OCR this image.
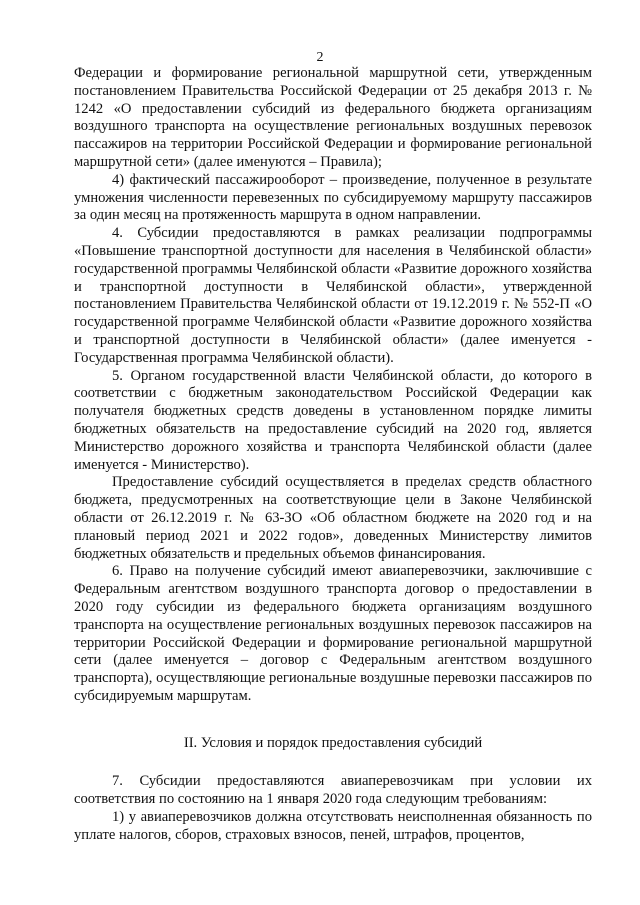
2

Федерации и формирование региональной маршрутной сети, утвержденным постановлением Правительства Российской Федерации от 25 декабря 2013 г. № 1242 «О предоставлении субсидий из федерального бюджета организациям воздушного транспорта на осуществление региональных воздушных перевозок пассажиров на территории Российской Федерации и формирование региональной маршрутной сети» (далее именуются – Правила);

4) фактический пассажирооборот – произведение, полученное в результате умножения численности перевезенных по субсидируемому маршруту пассажиров за один месяц на протяженность маршрута в одном направлении.

4. Субсидии предоставляются в рамках реализации подпрограммы «Повышение транспортной доступности для населения в Челябинской области» государственной программы Челябинской области «Развитие дорожного хозяйства и транспортной доступности в Челябинской области», утвержденной постановлением Правительства Челябинской области от 19.12.2019 г. № 552-П «О государственной программе Челябинской области «Развитие дорожного хозяйства и транспортной доступности в Челябинской области» (далее именуется - Государственная программа Челябинской области).

5. Органом государственной власти Челябинской области, до которого в соответствии с бюджетным законодательством Российской Федерации как получателя бюджетных средств доведены в установленном порядке лимиты бюджетных обязательств на предоставление субсидий на 2020 год, является Министерство дорожного хозяйства и транспорта Челябинской области (далее именуется - Министерство).

Предоставление субсидий осуществляется в пределах средств областного бюджета, предусмотренных на соответствующие цели в Законе Челябинской области от 26.12.2019 г. № 63-ЗО «Об областном бюджете на 2020 год и на плановый период 2021 и 2022 годов», доведенных Министерству лимитов бюджетных обязательств и предельных объемов финансирования.

6. Право на получение субсидий имеют авиаперевозчики, заключившие с Федеральным агентством воздушного транспорта договор о предоставлении в 2020 году субсидии из федерального бюджета организациям воздушного транспорта на осуществление региональных воздушных перевозок пассажиров на территории Российской Федерации и формирование региональной маршрутной сети (далее именуется – договор с Федеральным агентством воздушного транспорта), осуществляющие региональные воздушные перевозки пассажиров по субсидируемым маршрутам.

II. Условия и порядок предоставления субсидий

7. Субсидии предоставляются авиаперевозчикам при условии их соответствия по состоянию на 1 января 2020 года следующим требованиям:

1) у авиаперевозчиков должна отсутствовать неисполненная обязанность по уплате налогов, сборов, страховых взносов, пеней, штрафов, процентов,
